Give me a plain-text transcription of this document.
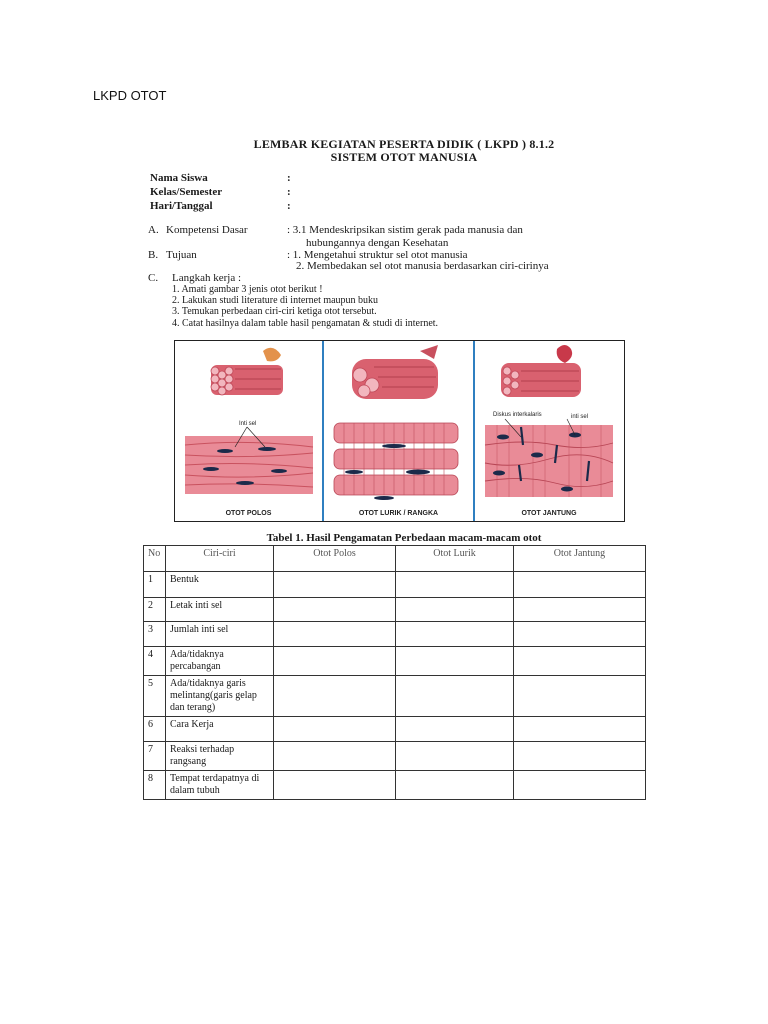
LKPD OTOT
LEMBAR KEGIATAN PESERTA DIDIK ( LKPD ) 8.1.2
SISTEM OTOT MANUSIA
Nama Siswa	:
Kelas/Semester	:
Hari/Tanggal	:
A. Kompetensi Dasar	: 3.1 Mendeskripsikan sistim gerak pada manusia dan
hubungannya dengan Kesehatan
B. Tujuan	: 1. Mengetahui struktur sel otot manusia
2. Membedakan sel otot manusia berdasarkan ciri-cirinya
C. Langkah kerja :
1. Amati gambar 3 jenis otot berikut !
2. Lakukan studi literature di internet maupun buku
3. Temukan perbedaan ciri-ciri ketiga otot tersebut.
4. Catat hasilnya dalam table hasil pengamatan & studi di internet.
Inti sel
OTOT POLOS	OTOT LURIK / RANGKA
Diskus interkalaris	inti sel
OTOT JANTUNG
Tabel 1. Hasil Pengamatan Perbedaan macam-macam otot
No	Ciri-ciri	Otot Polos	Otot Lurik	Otot Jantung
1	Bentuk			
2	Letak inti sel			
3	Jumlah inti sel			
4	Ada/tidaknya percabangan			
5	Ada/tidaknya garis melintang(garis gelap dan terang)			
6	Cara Kerja			
7	Reaksi terhadap rangsang			
8	Tempat terdapatnya di dalam tubuh			
